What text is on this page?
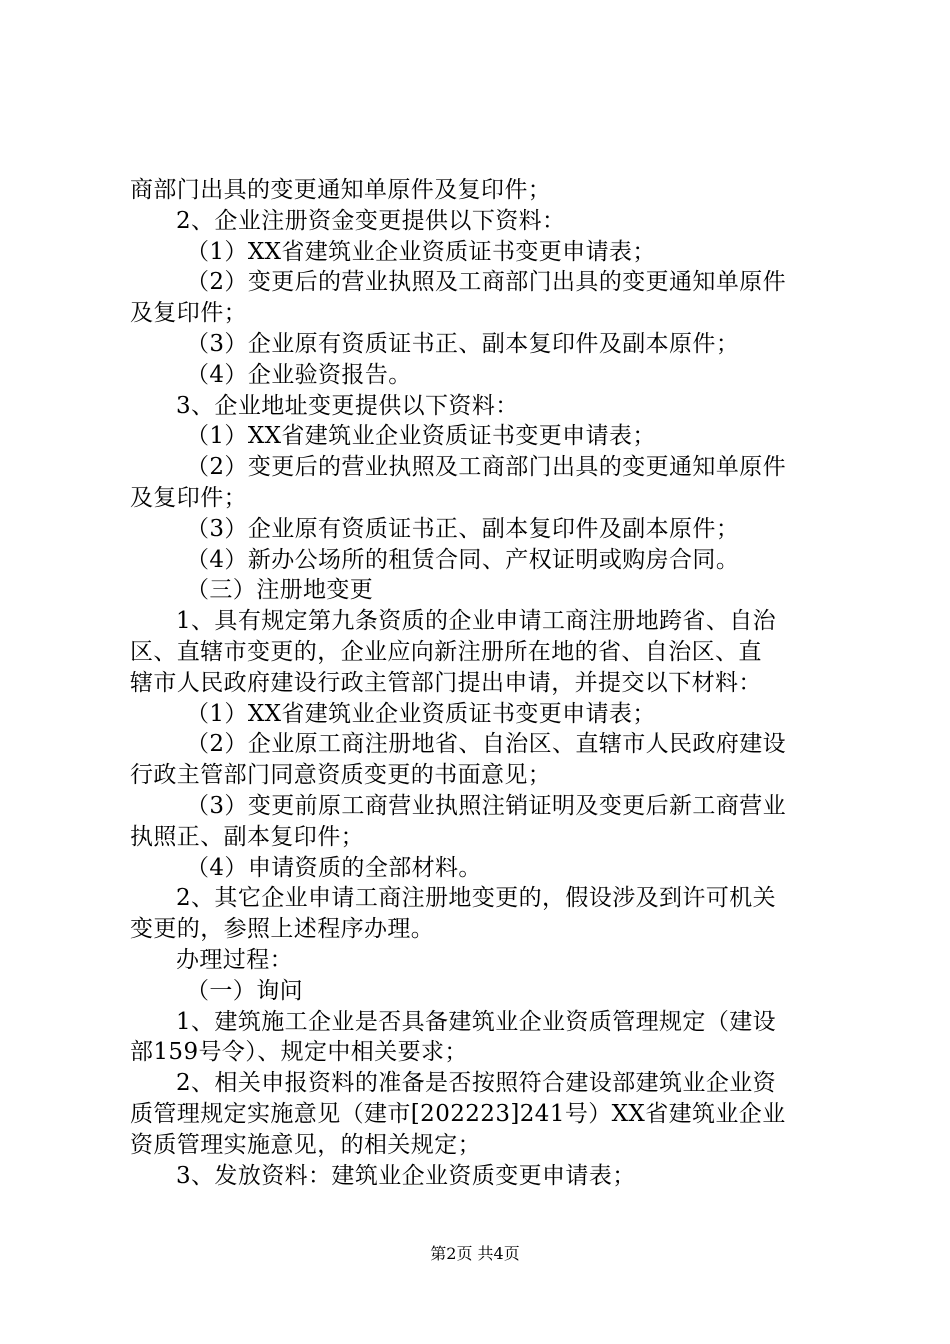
商部门出具的变更通知单原件及复印件；
2、企业注册资金变更提供以下资料：
（1）XX省建筑业企业资质证书变更申请表；
（2）变更后的营业执照及工商部门出具的变更通知单原件
及复印件；
（3）企业原有资质证书正、副本复印件及副本原件；
（4）企业验资报告。
3、企业地址变更提供以下资料：
（1）XX省建筑业企业资质证书变更申请表；
（2）变更后的营业执照及工商部门出具的变更通知单原件
及复印件；
（3）企业原有资质证书正、副本复印件及副本原件；
（4）新办公场所的租赁合同、产权证明或购房合同。
（三）注册地变更
1、具有规定第九条资质的企业申请工商注册地跨省、自治
区、直辖市变更的，企业应向新注册所在地的省、自治区、直
辖市人民政府建设行政主管部门提出申请，并提交以下材料：
（1）XX省建筑业企业资质证书变更申请表；
（2）企业原工商注册地省、自治区、直辖市人民政府建设
行政主管部门同意资质变更的书面意见；
（3）变更前原工商营业执照注销证明及变更后新工商营业
执照正、副本复印件；
（4）申请资质的全部材料。
2、其它企业申请工商注册地变更的，假设涉及到许可机关
变更的，参照上述程序办理。
办理过程：
（一）询问
1、建筑施工企业是否具备建筑业企业资质管理规定（建设
部159号令）、规定中相关要求；
2、相关申报资料的准备是否按照符合建设部建筑业企业资
质管理规定实施意见（建市[202223]241号）XX省建筑业企业
资质管理实施意见，的相关规定；
3、发放资料：建筑业企业资质变更申请表；
第2页 共4页
